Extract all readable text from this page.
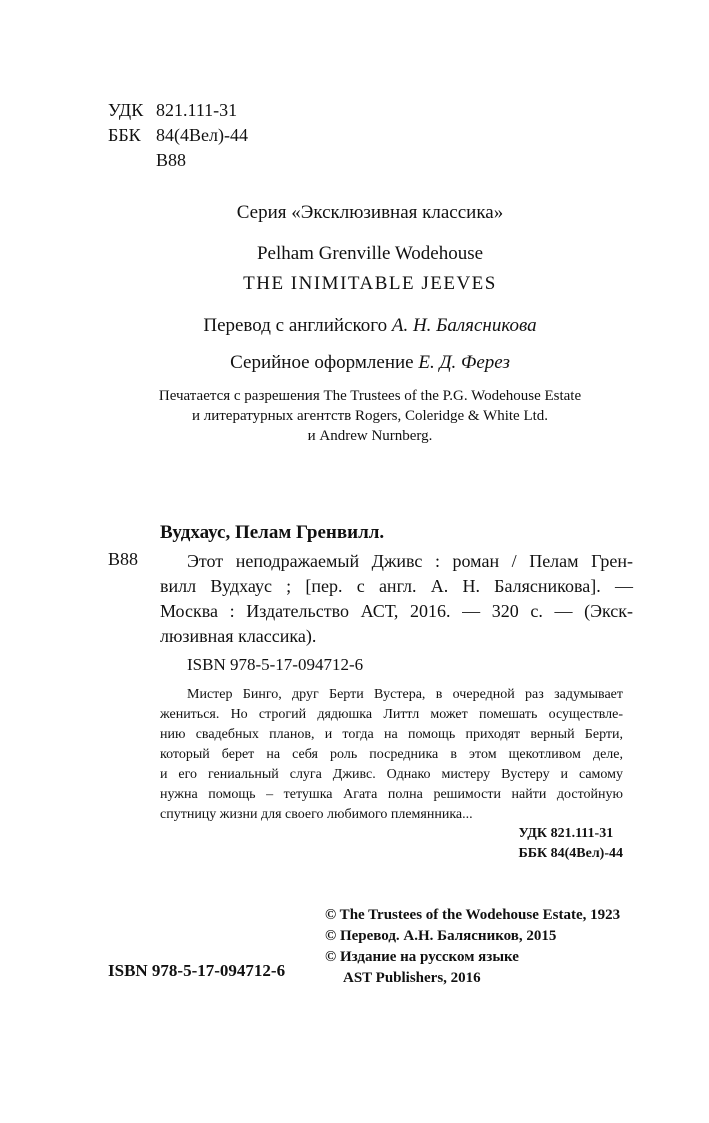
УДК 821.111-31
ББК 84(4Вел)-44
В88
Серия «Эксклюзивная классика»
Pelham Grenville Wodehouse
THE INIMITABLE JEEVES
Перевод с английского А. Н. Балясникова
Серийное оформление Е. Д. Ферез
Печатается с разрешения The Trustees of the P.G. Wodehouse Estate
и литературных агентств Rogers, Coleridge & White Ltd.
и Andrew Nurnberg.
Вудхаус, Пелам Гренвилл.
В88	Этот неподражаемый Дживс : роман / Пелам Грен-
вилл Вудхаус ; [пер. с англ. А. Н. Балясникова]. —
Москва : Издательство АСТ, 2016. — 320 с. — (Экск-
люзивная классика).
ISBN 978-5-17-094712-6
Мистер Бинго, друг Берти Вустера, в очередной раз задумывает
жениться. Но строгий дядюшка Литтл может помешать осуществле-
нию свадебных планов, и тогда на помощь приходят верный Берти,
который берет на себя роль посредника в этом щекотливом деле,
и его гениальный слуга Дживс. Однако мистеру Вустеру и самому
нужна помощь – тетушка Агата полна решимости найти достойную
спутницу жизни для своего любимого племянника...
УДК 821.111-31
ББК 84(4Вел)-44
© The Trustees of the Wodehouse Estate, 1923
© Перевод. А.Н. Балясников, 2015
© Издание на русском языке
AST Publishers, 2016
ISBN 978-5-17-094712-6
